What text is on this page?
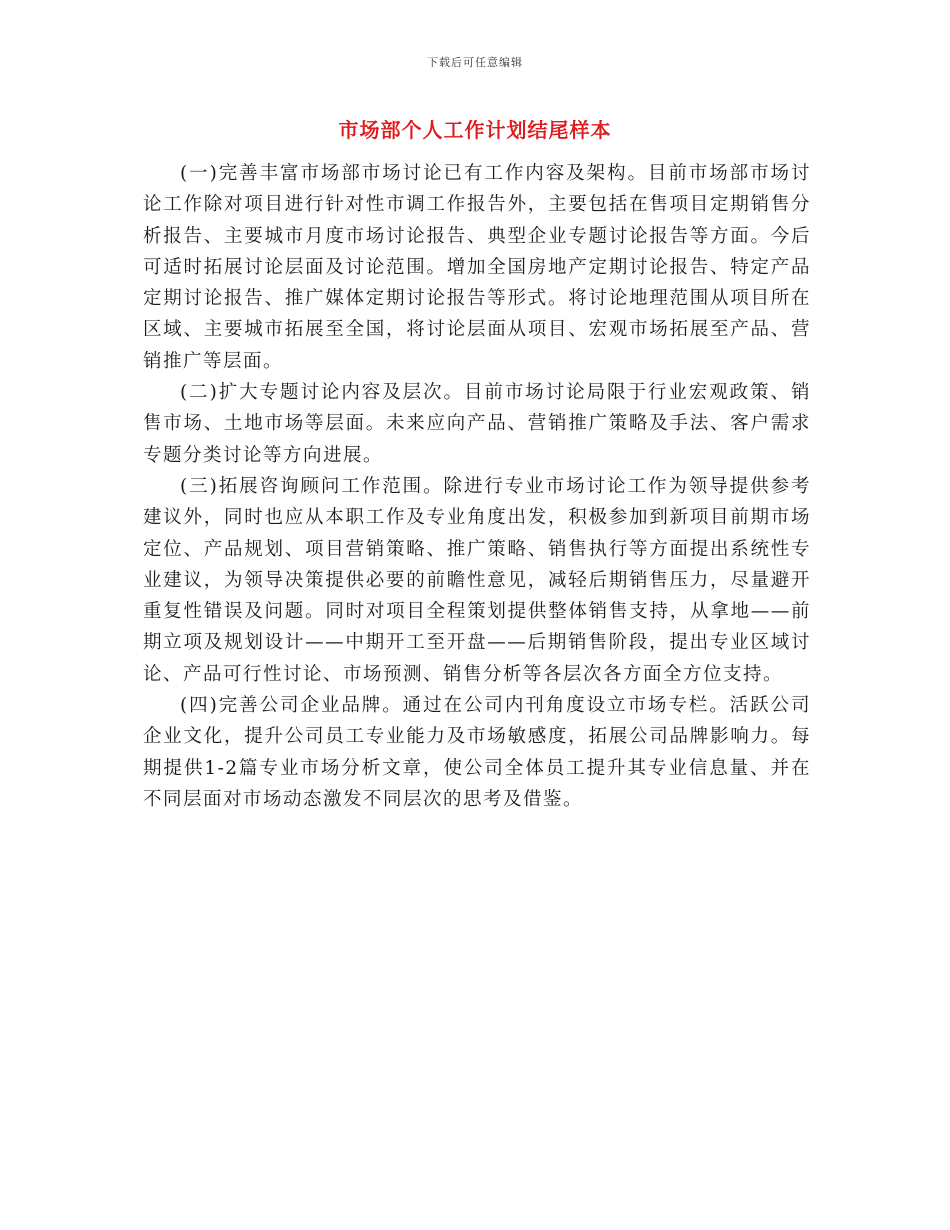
下载后可任意编辑
市场部个人工作计划结尾样本

(一)完善丰富市场部市场讨论已有工作内容及架构。目前市场部市场讨论工作除对项目进行针对性市调工作报告外，主要包括在售项目定期销售分析报告、主要城市月度市场讨论报告、典型企业专题讨论报告等方面。今后可适时拓展讨论层面及讨论范围。增加全国房地产定期讨论报告、特定产品定期讨论报告、推广媒体定期讨论报告等形式。将讨论地理范围从项目所在区域、主要城市拓展至全国，将讨论层面从项目、宏观市场拓展至产品、营销推广等层面。

(二)扩大专题讨论内容及层次。目前市场讨论局限于行业宏观政策、销售市场、土地市场等层面。未来应向产品、营销推广策略及手法、客户需求专题分类讨论等方向进展。

(三)拓展咨询顾问工作范围。除进行专业市场讨论工作为领导提供参考建议外，同时也应从本职工作及专业角度出发，积极参加到新项目前期市场定位、产品规划、项目营销策略、推广策略、销售执行等方面提出系统性专业建议，为领导决策提供必要的前瞻性意见，减轻后期销售压力，尽量避开重复性错误及问题。同时对项目全程策划提供整体销售支持，从拿地——前期立项及规划设计——中期开工至开盘——后期销售阶段，提出专业区域讨论、产品可行性讨论、市场预测、销售分析等各层次各方面全方位支持。

(四)完善公司企业品牌。通过在公司内刊角度设立市场专栏。活跃公司企业文化，提升公司员工专业能力及市场敏感度，拓展公司品牌影响力。每期提供1-2篇专业市场分析文章，使公司全体员工提升其专业信息量、并在不同层面对市场动态激发不同层次的思考及借鉴。
